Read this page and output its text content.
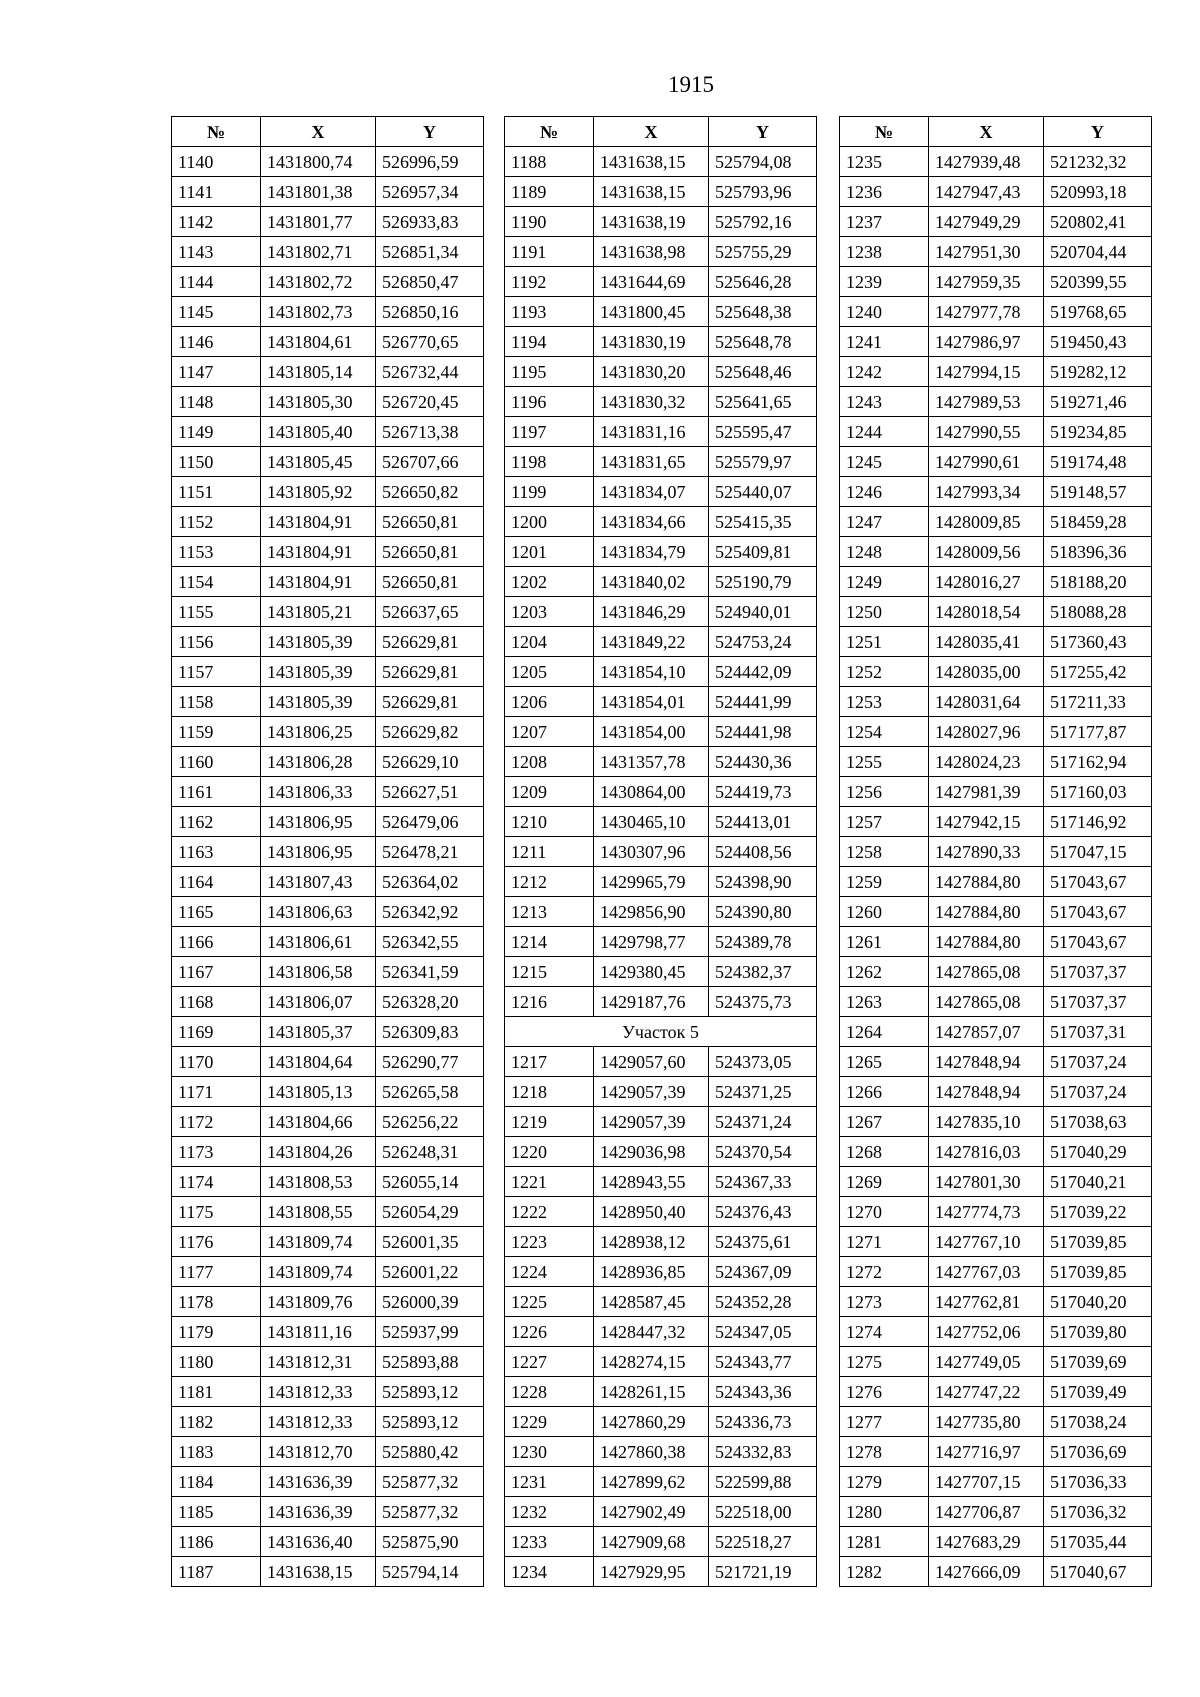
1915
№	X	Y
1140	1431800,74	526996,59
1141	1431801,38	526957,34
1142	1431801,77	526933,83
1143	1431802,71	526851,34
1144	1431802,72	526850,47
1145	1431802,73	526850,16
1146	1431804,61	526770,65
1147	1431805,14	526732,44
1148	1431805,30	526720,45
1149	1431805,40	526713,38
1150	1431805,45	526707,66
1151	1431805,92	526650,82
1152	1431804,91	526650,81
1153	1431804,91	526650,81
1154	1431804,91	526650,81
1155	1431805,21	526637,65
1156	1431805,39	526629,81
1157	1431805,39	526629,81
1158	1431805,39	526629,81
1159	1431806,25	526629,82
1160	1431806,28	526629,10
1161	1431806,33	526627,51
1162	1431806,95	526479,06
1163	1431806,95	526478,21
1164	1431807,43	526364,02
1165	1431806,63	526342,92
1166	1431806,61	526342,55
1167	1431806,58	526341,59
1168	1431806,07	526328,20
1169	1431805,37	526309,83
1170	1431804,64	526290,77
1171	1431805,13	526265,58
1172	1431804,66	526256,22
1173	1431804,26	526248,31
1174	1431808,53	526055,14
1175	1431808,55	526054,29
1176	1431809,74	526001,35
1177	1431809,74	526001,22
1178	1431809,76	526000,39
1179	1431811,16	525937,99
1180	1431812,31	525893,88
1181	1431812,33	525893,12
1182	1431812,33	525893,12
1183	1431812,70	525880,42
1184	1431636,39	525877,32
1185	1431636,39	525877,32
1186	1431636,40	525875,90
1187	1431638,15	525794,14
№	X	Y
1188	1431638,15	525794,08
1189	1431638,15	525793,96
1190	1431638,19	525792,16
1191	1431638,98	525755,29
1192	1431644,69	525646,28
1193	1431800,45	525648,38
1194	1431830,19	525648,78
1195	1431830,20	525648,46
1196	1431830,32	525641,65
1197	1431831,16	525595,47
1198	1431831,65	525579,97
1199	1431834,07	525440,07
1200	1431834,66	525415,35
1201	1431834,79	525409,81
1202	1431840,02	525190,79
1203	1431846,29	524940,01
1204	1431849,22	524753,24
1205	1431854,10	524442,09
1206	1431854,01	524441,99
1207	1431854,00	524441,98
1208	1431357,78	524430,36
1209	1430864,00	524419,73
1210	1430465,10	524413,01
1211	1430307,96	524408,56
1212	1429965,79	524398,90
1213	1429856,90	524390,80
1214	1429798,77	524389,78
1215	1429380,45	524382,37
1216	1429187,76	524375,73
Участок 5		
1217	1429057,60	524373,05
1218	1429057,39	524371,25
1219	1429057,39	524371,24
1220	1429036,98	524370,54
1221	1428943,55	524367,33
1222	1428950,40	524376,43
1223	1428938,12	524375,61
1224	1428936,85	524367,09
1225	1428587,45	524352,28
1226	1428447,32	524347,05
1227	1428274,15	524343,77
1228	1428261,15	524343,36
1229	1427860,29	524336,73
1230	1427860,38	524332,83
1231	1427899,62	522599,88
1232	1427902,49	522518,00
1233	1427909,68	522518,27
1234	1427929,95	521721,19
№	X	Y
1235	1427939,48	521232,32
1236	1427947,43	520993,18
1237	1427949,29	520802,41
1238	1427951,30	520704,44
1239	1427959,35	520399,55
1240	1427977,78	519768,65
1241	1427986,97	519450,43
1242	1427994,15	519282,12
1243	1427989,53	519271,46
1244	1427990,55	519234,85
1245	1427990,61	519174,48
1246	1427993,34	519148,57
1247	1428009,85	518459,28
1248	1428009,56	518396,36
1249	1428016,27	518188,20
1250	1428018,54	518088,28
1251	1428035,41	517360,43
1252	1428035,00	517255,42
1253	1428031,64	517211,33
1254	1428027,96	517177,87
1255	1428024,23	517162,94
1256	1427981,39	517160,03
1257	1427942,15	517146,92
1258	1427890,33	517047,15
1259	1427884,80	517043,67
1260	1427884,80	517043,67
1261	1427884,80	517043,67
1262	1427865,08	517037,37
1263	1427865,08	517037,37
1264	1427857,07	517037,31
1265	1427848,94	517037,24
1266	1427848,94	517037,24
1267	1427835,10	517038,63
1268	1427816,03	517040,29
1269	1427801,30	517040,21
1270	1427774,73	517039,22
1271	1427767,10	517039,85
1272	1427767,03	517039,85
1273	1427762,81	517040,20
1274	1427752,06	517039,80
1275	1427749,05	517039,69
1276	1427747,22	517039,49
1277	1427735,80	517038,24
1278	1427716,97	517036,69
1279	1427707,15	517036,33
1280	1427706,87	517036,32
1281	1427683,29	517035,44
1282	1427666,09	517040,67
